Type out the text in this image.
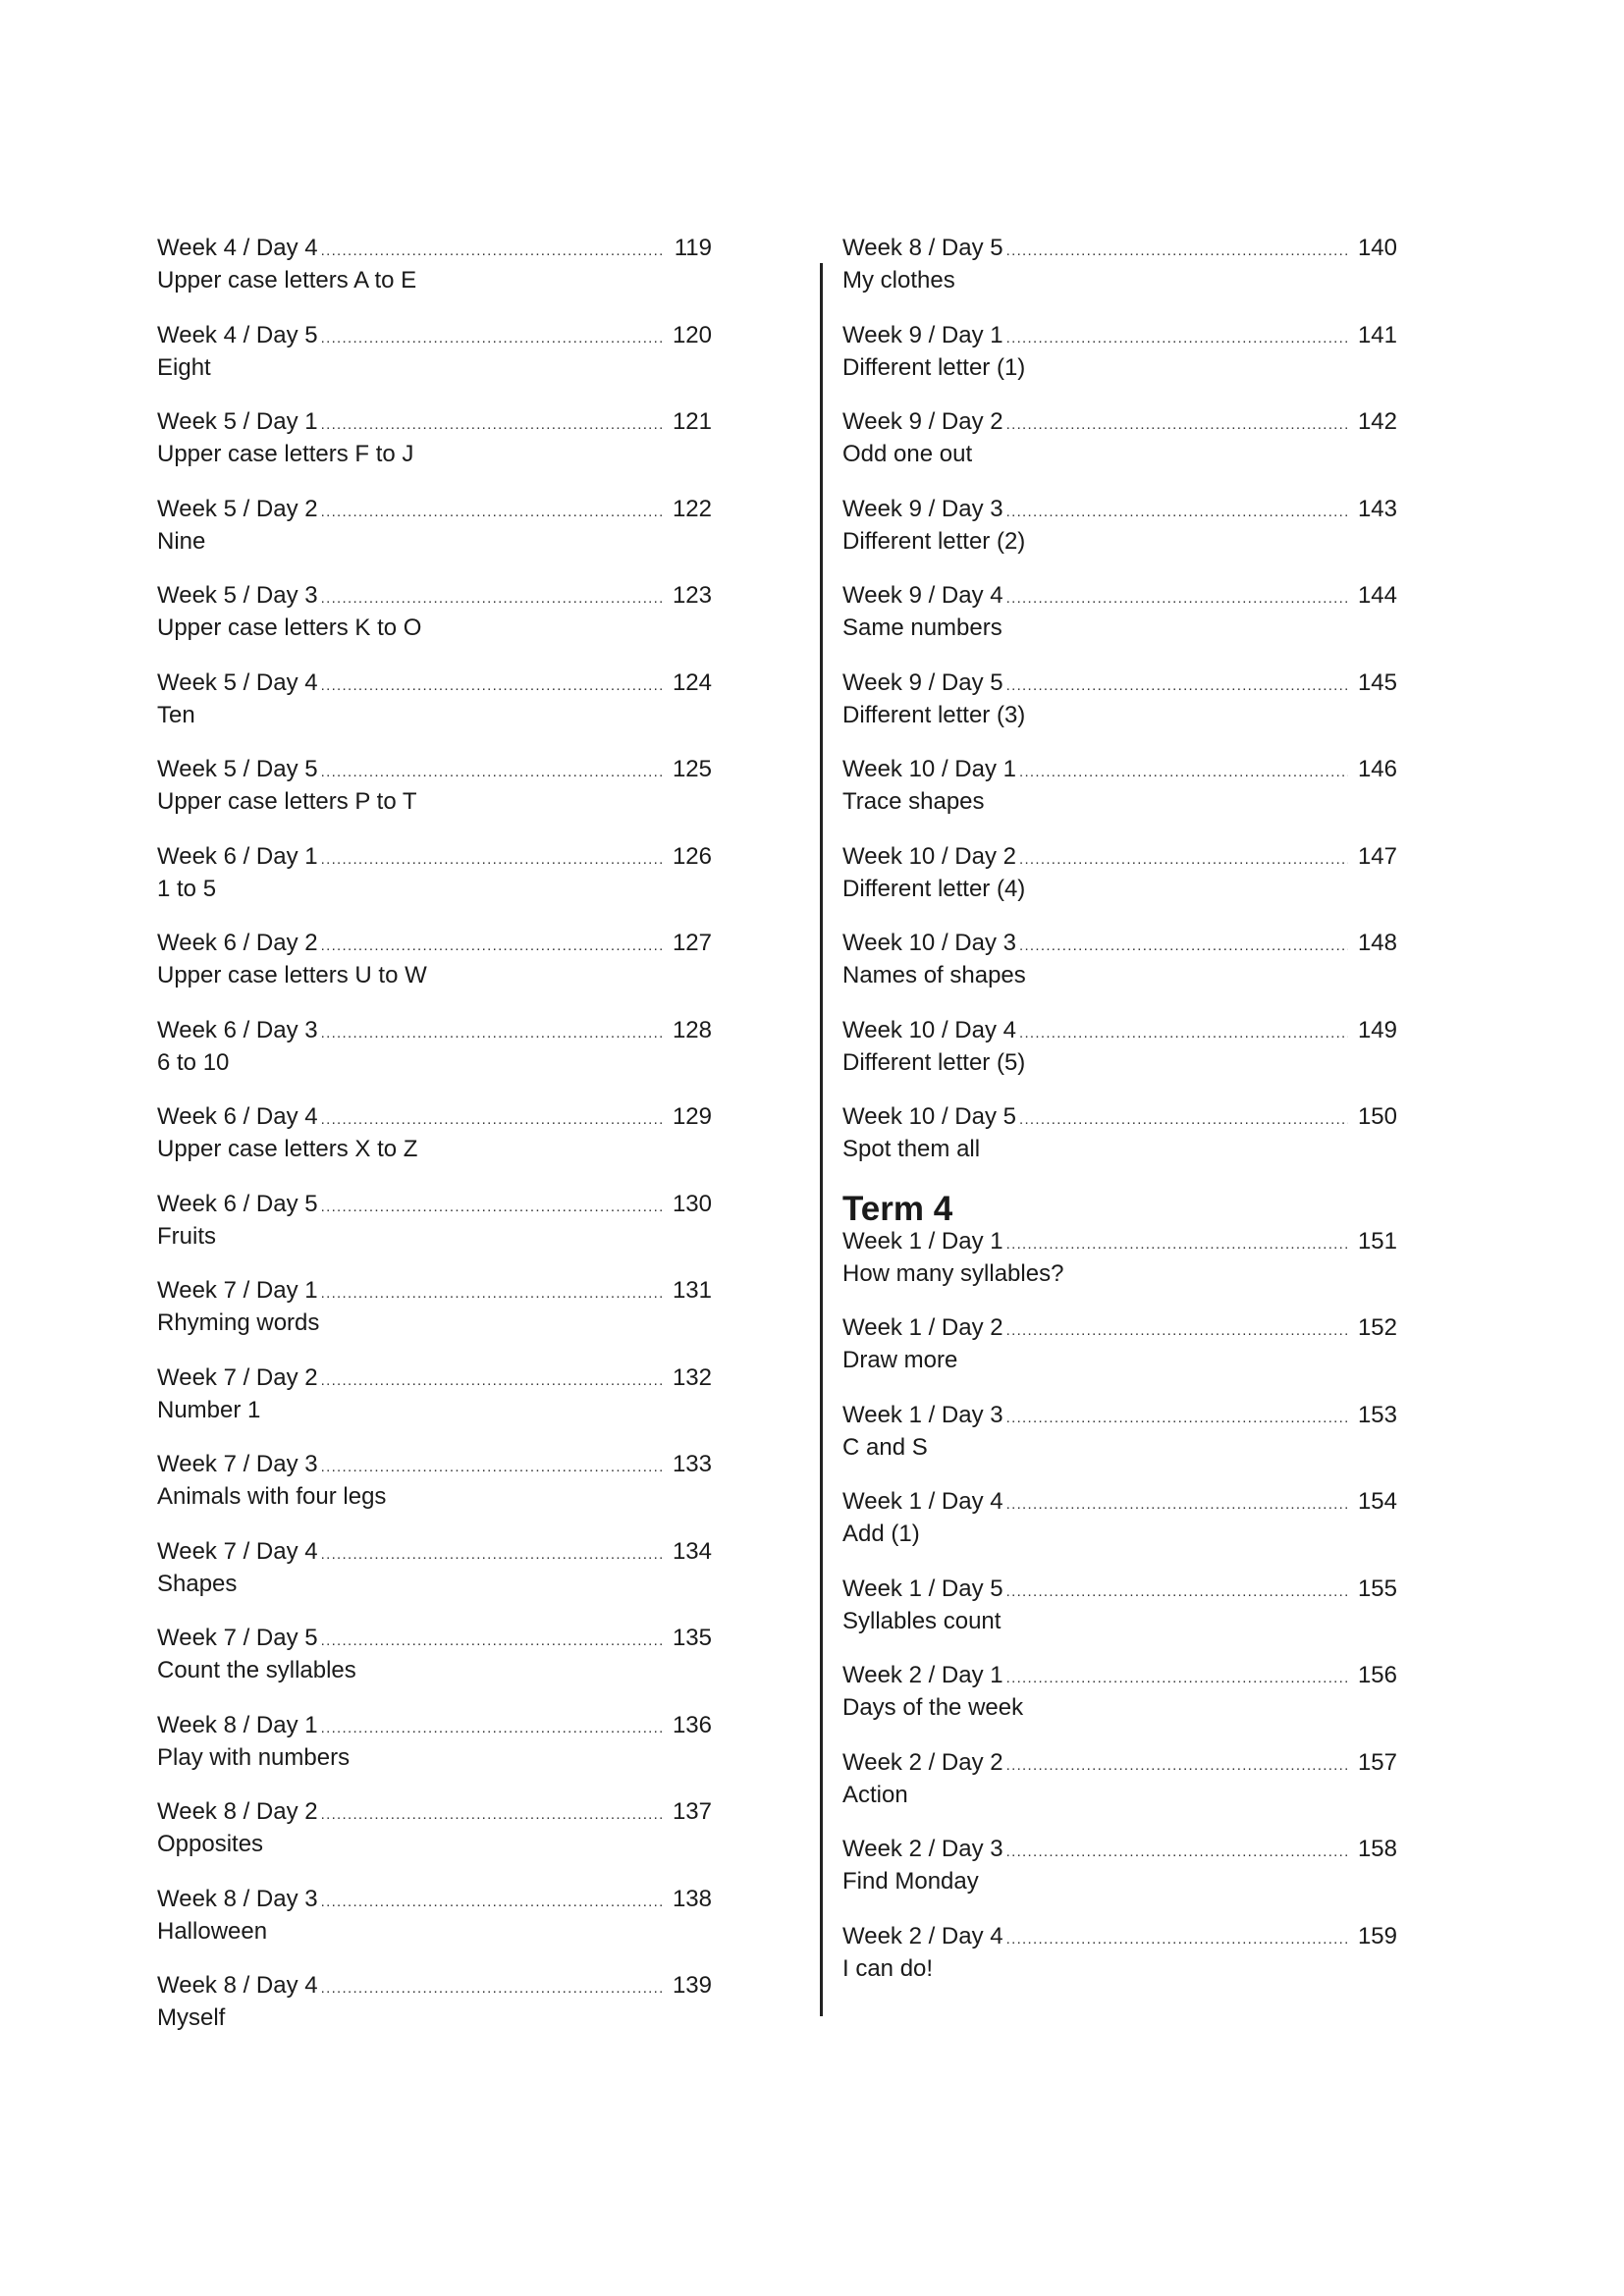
Week 4 / Day 4 .....	119
Upper case letters A to E
Week 4 / Day 5 .....	120
Eight
Week 5 / Day 1 .....	121
Upper case letters F to J
Week 5 / Day 2 .....	122
Nine
Week 5 / Day 3 .....	123
Upper case letters K to O
Week 5 / Day 4 .....	124
Ten
Week 5 / Day 5 .....	125
Upper case letters P to T
Week 6 / Day 1 .....	126
1 to 5
Week 6 / Day 2 .....	127
Upper case letters U to W
Week 6 / Day 3 .....	128
6 to 10
Week 6 / Day 4 .....	129
Upper case letters X to Z
Week 6 / Day 5 .....	130
Fruits
Week 7 / Day 1 .....	131
Rhyming words
Week 7 / Day 2 .....	132
Number 1
Week 7 / Day 3 .....	133
Animals with four legs
Week 7 / Day 4 .....	134
Shapes
Week 7 / Day 5 .....	135
Count the syllables
Week 8 / Day 1 .....	136
Play with numbers
Week 8 / Day 2 .....	137
Opposites
Week 8 / Day 3 .....	138
Halloween
Week 8 / Day 4 .....	139
Myself
Week 8 / Day 5 .....	140
My clothes
Week 9 / Day 1 .....	141
Different letter (1)
Week 9 / Day 2 .....	142
Odd one out
Week 9 / Day 3 .....	143
Different letter (2)
Week 9 / Day 4 .....	144
Same numbers
Week 9 / Day 5 .....	145
Different letter (3)
Week 10 / Day 1 .....	146
Trace shapes
Week 10 / Day 2 .....	147
Different letter (4)
Week 10 / Day 3 .....	148
Names of shapes
Week 10 / Day 4 .....	149
Different letter (5)
Week 10 / Day 5 .....	150
Spot them all
Term 4
Week 1 / Day 1 .....	151
How many syllables?
Week 1 / Day 2 .....	152
Draw more
Week 1 / Day 3 .....	153
C and S
Week 1 / Day 4 .....	154
Add (1)
Week 1 / Day 5 .....	155
Syllables count
Week 2 / Day 1 .....	156
Days of the week
Week 2 / Day 2 .....	157
Action
Week 2 / Day 3 .....	158
Find Monday
Week 2 / Day 4 .....	159
I can do!
